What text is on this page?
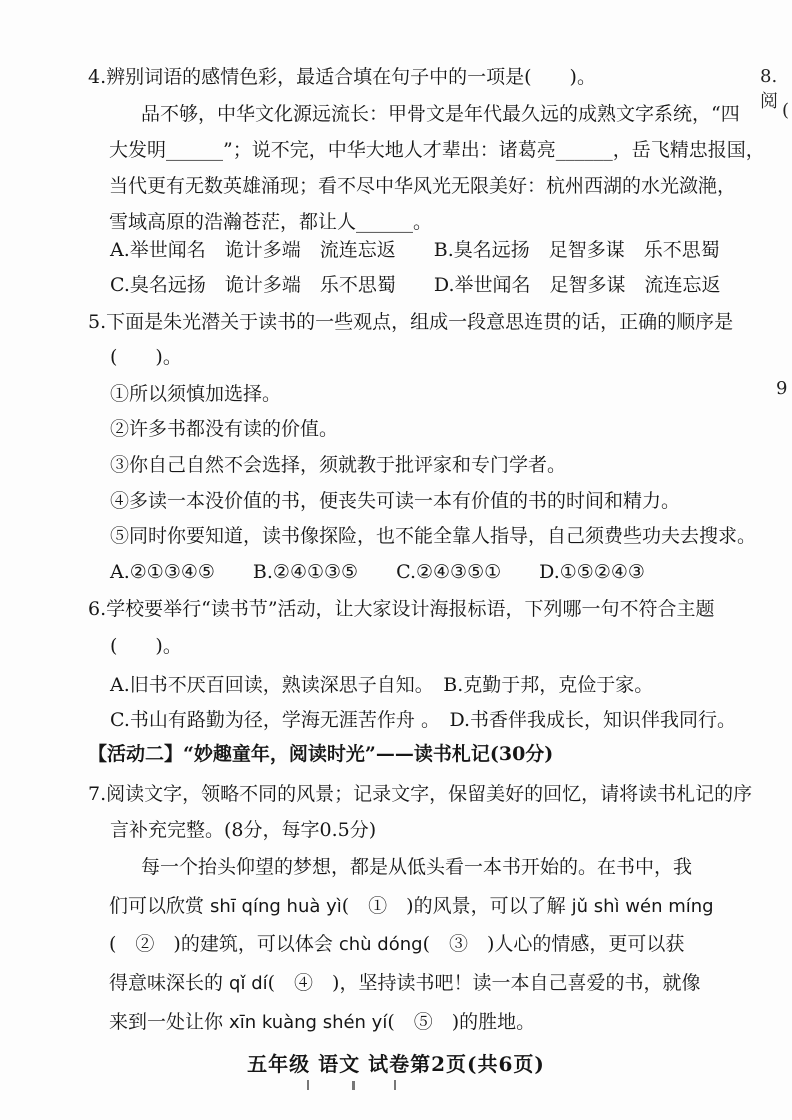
4.辨别词语的感情色彩，最适合填在句子中的一项是(　　)。
品不够，中华文化源远流长：甲骨文是年代最久远的成熟文字系统，“四
大发明______”；说不完，中华大地人才辈出：诸葛亮______，岳飞精忠报国，
当代更有无数英雄涌现；看不尽中华风光无限美好：杭州西湖的水光潋滟，
雪域高原的浩瀚苍茫，都让人______。
A.举世闻名　诡计多端　流连忘返　　B.臭名远扬　足智多谋　乐不思蜀
C.臭名远扬　诡计多端　乐不思蜀　　D.举世闻名　足智多谋　流连忘返
5.下面是朱光潜关于读书的一些观点，组成一段意思连贯的话，正确的顺序是
(　　)。
①所以须慎加选择。
②许多书都没有读的价值。
③你自己自然不会选择，须就教于批评家和专门学者。
④多读一本没价值的书，便丧失可读一本有价值的书的时间和精力。
⑤同时你要知道，读书像探险，也不能全靠人指导，自己须费些功夫去搜求。
A.②①③④⑤　　B.②④①③⑤　　C.②④③⑤①　　D.①⑤②④③
6.学校要举行“读书节”活动，让大家设计海报标语，下列哪一句不符合主题
(　　)。
A.旧书不厌百回读，熟读深思子自知。　B.克勤于邦，克俭于家。
C.书山有路勤为径，学海无涯苦作舟 。　D.书香伴我成长，知识伴我同行。
【活动二】“妙趣童年，阅读时光”——读书札记(30分)
7.阅读文字，领略不同的风景；记录文字，保留美好的回忆，请将读书札记的序
言补充完整。(8分，每字0.5分)
每一个抬头仰望的梦想，都是从低头看一本书开始的。在书中，我
们可以欣赏 shī qíng huà yì(　①　)的风景，可以了解 jǔ shì wén míng
(　②　)的建筑，可以体会 chù dóng(　③　)人心的情感，更可以获
得意味深长的 qǐ dí(　④　)，坚持读书吧！读一本自己喜爱的书，就像
来到一处让你 xīn kuàng shén yí(　⑤　)的胜地。
五年级 语文 试卷第2页(共6页)
8.阅 (
9
